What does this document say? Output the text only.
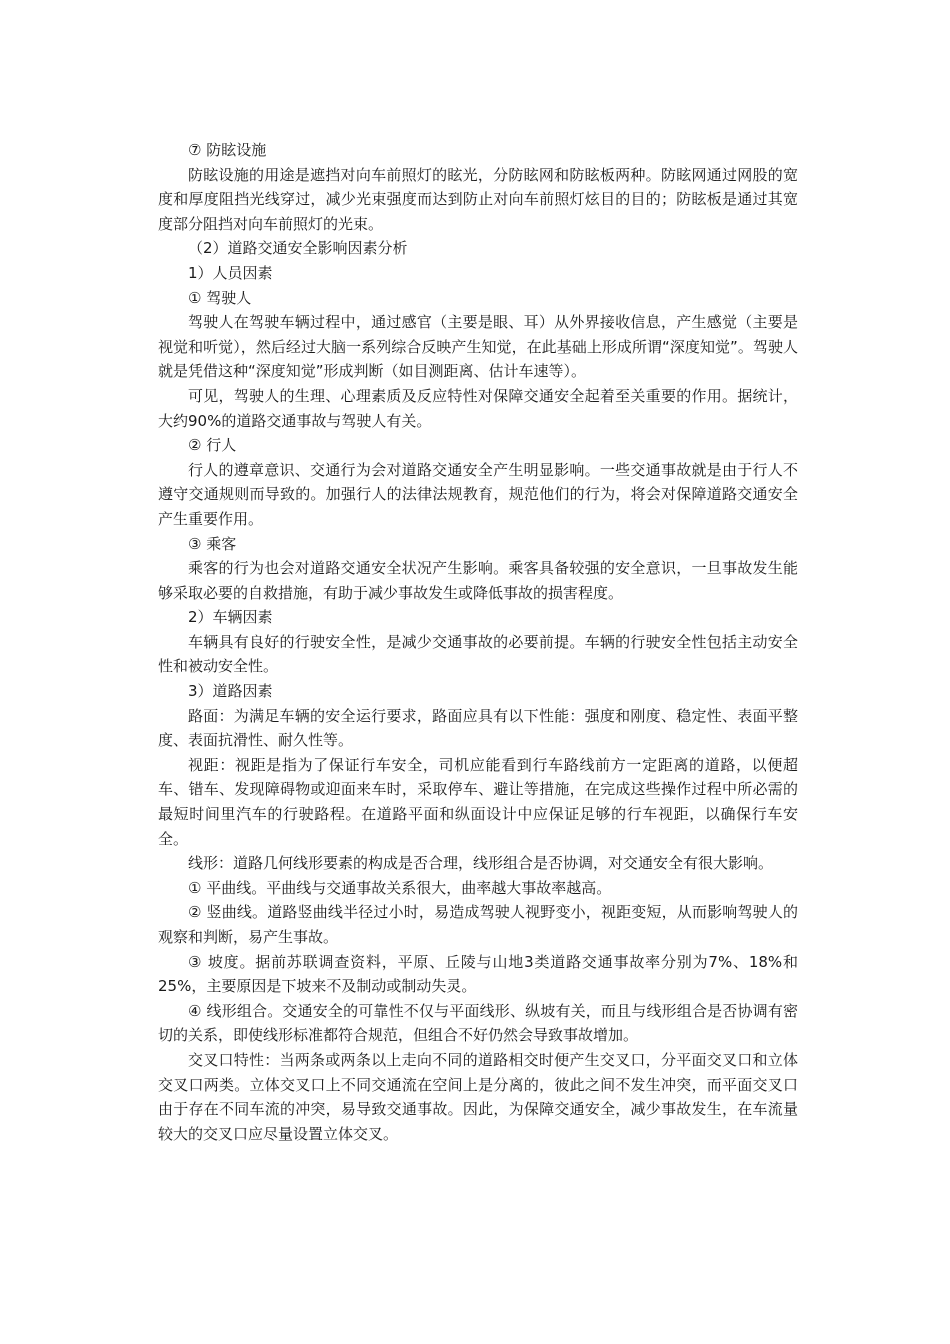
⑦ 防眩设施

防眩设施的用途是遮挡对向车前照灯的眩光，分防眩网和防眩板两种。防眩网通过网股的宽度和厚度阻挡光线穿过，减少光束强度而达到防止对向车前照灯炫目的目的；防眩板是通过其宽度部分阻挡对向车前照灯的光束。

（2）道路交通安全影响因素分析

1）人员因素

① 驾驶人

驾驶人在驾驶车辆过程中，通过感官（主要是眼、耳）从外界接收信息，产生感觉（主要是视觉和听觉），然后经过大脑一系列综合反映产生知觉，在此基础上形成所谓“深度知觉”。驾驶人就是凭借这种“深度知觉”形成判断（如目测距离、估计车速等）。

可见，驾驶人的生理、心理素质及反应特性对保障交通安全起着至关重要的作用。据统计，大约90%的道路交通事故与驾驶人有关。

② 行人

行人的遵章意识、交通行为会对道路交通安全产生明显影响。一些交通事故就是由于行人不遵守交通规则而导致的。加强行人的法律法规教育，规范他们的行为，将会对保障道路交通安全产生重要作用。

③ 乘客

乘客的行为也会对道路交通安全状况产生影响。乘客具备较强的安全意识，一旦事故发生能够采取必要的自救措施，有助于减少事故发生或降低事故的损害程度。

2）车辆因素

车辆具有良好的行驶安全性，是减少交通事故的必要前提。车辆的行驶安全性包括主动安全性和被动安全性。

3）道路因素

路面：为满足车辆的安全运行要求，路面应具有以下性能：强度和刚度、稳定性、表面平整度、表面抗滑性、耐久性等。

视距：视距是指为了保证行车安全，司机应能看到行车路线前方一定距离的道路，以便超车、错车、发现障碍物或迎面来车时，采取停车、避让等措施，在完成这些操作过程中所必需的最短时间里汽车的行驶路程。在道路平面和纵面设计中应保证足够的行车视距，以确保行车安全。

线形：道路几何线形要素的构成是否合理，线形组合是否协调，对交通安全有很大影响。

① 平曲线。平曲线与交通事故关系很大，曲率越大事故率越高。

② 竖曲线。道路竖曲线半径过小时，易造成驾驶人视野变小，视距变短，从而影响驾驶人的观察和判断，易产生事故。

③ 坡度。据前苏联调查资料，平原、丘陵与山地3类道路交通事故率分别为7%、18%和25%，主要原因是下坡来不及制动或制动失灵。

④ 线形组合。交通安全的可靠性不仅与平面线形、纵坡有关，而且与线形组合是否协调有密切的关系，即使线形标准都符合规范，但组合不好仍然会导致事故增加。

交叉口特性：当两条或两条以上走向不同的道路相交时便产生交叉口，分平面交叉口和立体交叉口两类。立体交叉口上不同交通流在空间上是分离的，彼此之间不发生冲突，而平面交叉口由于存在不同车流的冲突，易导致交通事故。因此，为保障交通安全，减少事故发生，在车流量较大的交叉口应尽量设置立体交叉。
